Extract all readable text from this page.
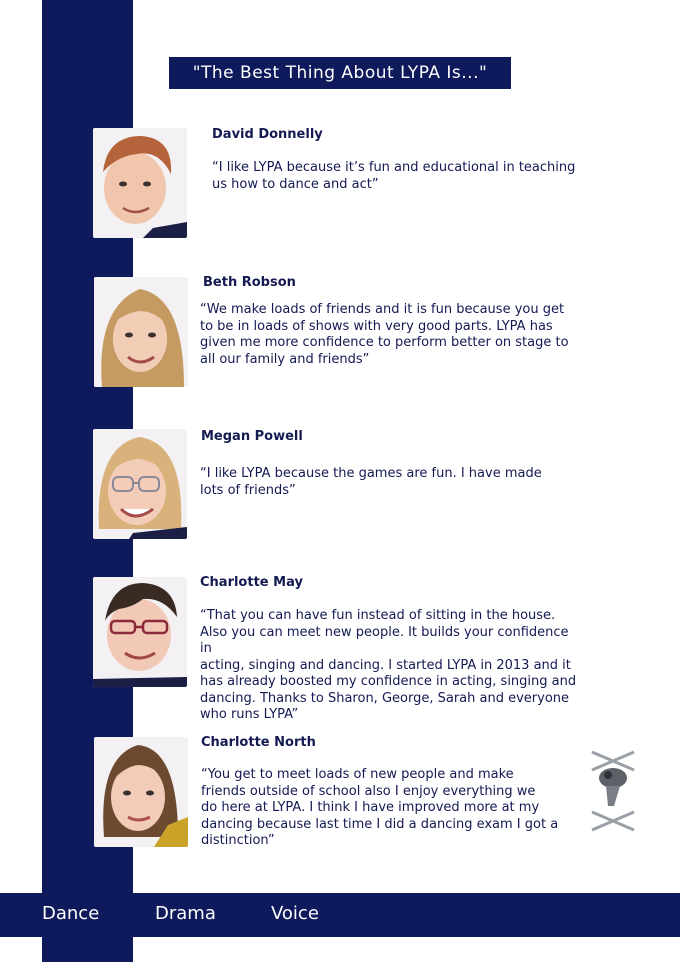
"The Best Thing About LYPA Is..."
David Donnelly
“I like LYPA because it’s fun and educational in teaching
us how to dance and act”
Beth Robson
“We make loads of friends and it is fun because you get
to be in loads of shows with very good parts. LYPA has
given me more confidence to perform better on stage to
all our family and friends”
Megan Powell
“I like LYPA because the games are fun. I have made
lots of friends”
Charlotte May
“That you can have fun instead of sitting in the house.
Also you can meet new people. It builds your confidence in
acting, singing and dancing. I started LYPA in 2013 and it
has already boosted my confidence in acting, singing and
dancing. Thanks to Sharon, George, Sarah and everyone
who runs LYPA”
Charlotte North
“You get to meet loads of new people and make
friends outside of school also I enjoy everything we
do here at LYPA. I think I have improved more at my
dancing because last time I did a dancing exam I got a
distinction”
Dance	Drama	Voice
